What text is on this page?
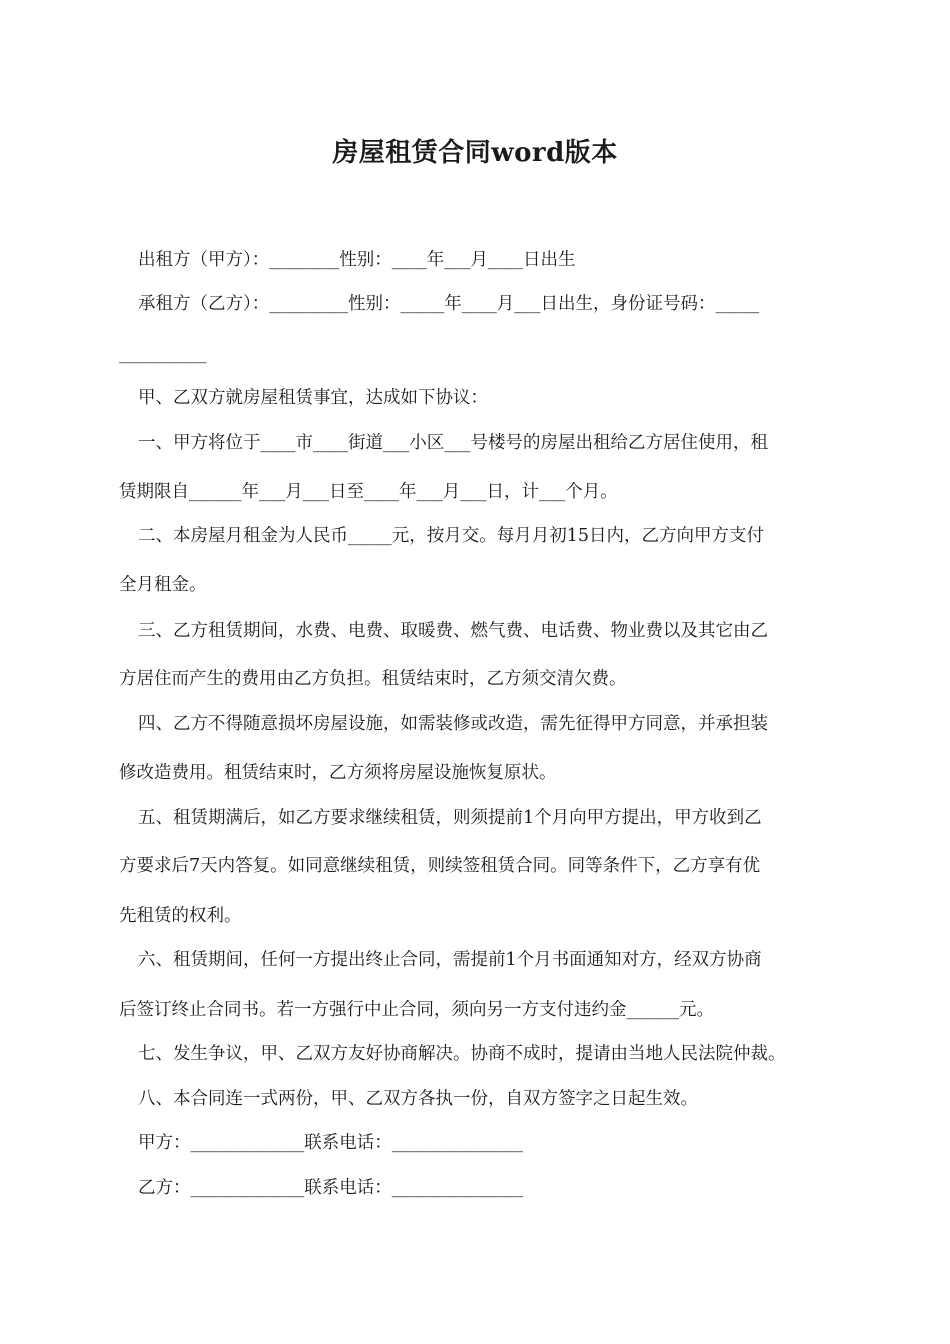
房屋租赁合同word版本
出租方（甲方）：________性别：____年___月____日出生
承租方（乙方）：_________性别：_____年____月___日出生，身份证号码：_____
__________
甲、乙双方就房屋租赁事宜，达成如下协议：
一、甲方将位于____市____街道___小区___号楼号的房屋出租给乙方居住使用，租
赁期限自______年___月___日至____年___月___日，计___个月。
二、本房屋月租金为人民币_____元，按月交。每月月初15日内，乙方向甲方支付
全月租金。
三、乙方租赁期间，水费、电费、取暖费、燃气费、电话费、物业费以及其它由乙
方居住而产生的费用由乙方负担。租赁结束时，乙方须交清欠费。
四、乙方不得随意损坏房屋设施，如需装修或改造，需先征得甲方同意，并承担装
修改造费用。租赁结束时，乙方须将房屋设施恢复原状。
五、租赁期满后，如乙方要求继续租赁，则须提前1个月向甲方提出，甲方收到乙
方要求后7天内答复。如同意继续租赁，则续签租赁合同。同等条件下，乙方享有优
先租赁的权利。
六、租赁期间，任何一方提出终止合同，需提前1个月书面通知对方，经双方协商
后签订终止合同书。若一方强行中止合同，须向另一方支付违约金______元。
七、发生争议，甲、乙双方友好协商解决。协商不成时，提请由当地人民法院仲裁。
八、本合同连一式两份，甲、乙双方各执一份，自双方签字之日起生效。
甲方：_____________联系电话：_______________
乙方：_____________联系电话：_______________
